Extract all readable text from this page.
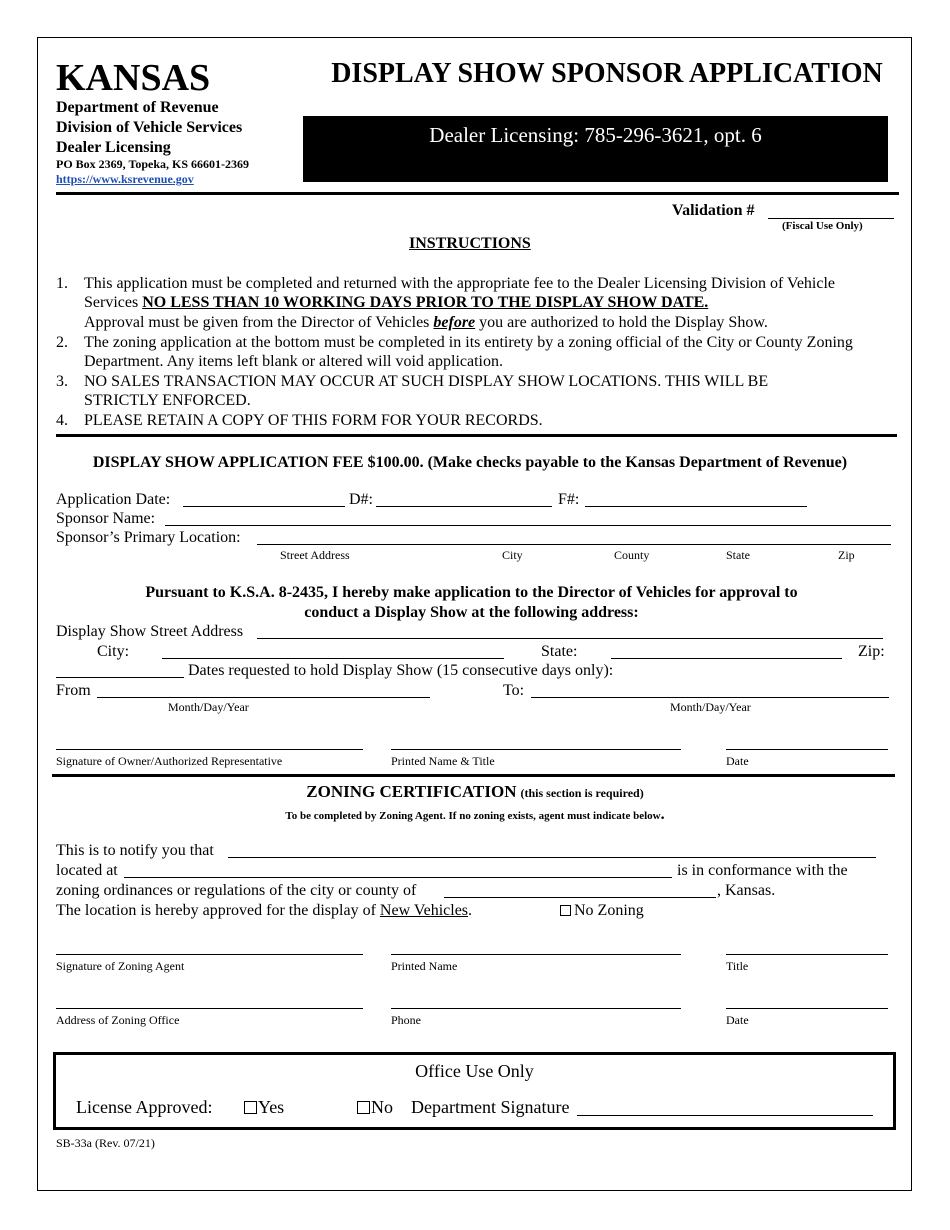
KANSAS
Department of Revenue
Division of Vehicle Services
Dealer Licensing
PO Box 2369, Topeka, KS 66601-2369
https://www.ksrevenue.gov
DISPLAY SHOW SPONSOR APPLICATION
Dealer Licensing: 785-296-3621, opt. 6
Validation #
(Fiscal Use Only)
INSTRUCTIONS
1. This application must be completed and returned with the appropriate fee to the Dealer Licensing Division of Vehicle
Services NO LESS THAN 10 WORKING DAYS PRIOR TO THE DISPLAY SHOW DATE.
Approval must be given from the Director of Vehicles before you are authorized to hold the Display Show.
2. The zoning application at the bottom must be completed in its entirety by a zoning official of the City or County Zoning
Department. Any items left blank or altered will void application.
3. NO SALES TRANSACTION MAY OCCUR AT SUCH DISPLAY SHOW LOCATIONS. THIS WILL BE
STRICTLY ENFORCED.
4. PLEASE RETAIN A COPY OF THIS FORM FOR YOUR RECORDS.
DISPLAY SHOW APPLICATION FEE $100.00. (Make checks payable to the Kansas Department of Revenue)
Application Date:	D#:	F#:
Sponsor Name:
Sponsor’s Primary Location:
Street Address	City	County	State	Zip
Pursuant to K.S.A. 8-2435, I hereby make application to the Director of Vehicles for approval to
conduct a Display Show at the following address:
Display Show Street Address
City:	State:	Zip:
Dates requested to hold Display Show (15 consecutive days only):
From	To:
Month/Day/Year	Month/Day/Year
Signature of Owner/Authorized Representative	Printed Name & Title	Date
ZONING CERTIFICATION (this section is required)
To be completed by Zoning Agent. If no zoning exists, agent must indicate below.
This is to notify you that
located at	is in conformance with the
zoning ordinances or regulations of the city or county of	, Kansas.
The location is hereby approved for the display of New Vehicles.	No Zoning
Signature of Zoning Agent	Printed Name	Title
Address of Zoning Office	Phone	Date
Office Use Only
License Approved:	Yes	No Department Signature
SB-33a (Rev. 07/21)
